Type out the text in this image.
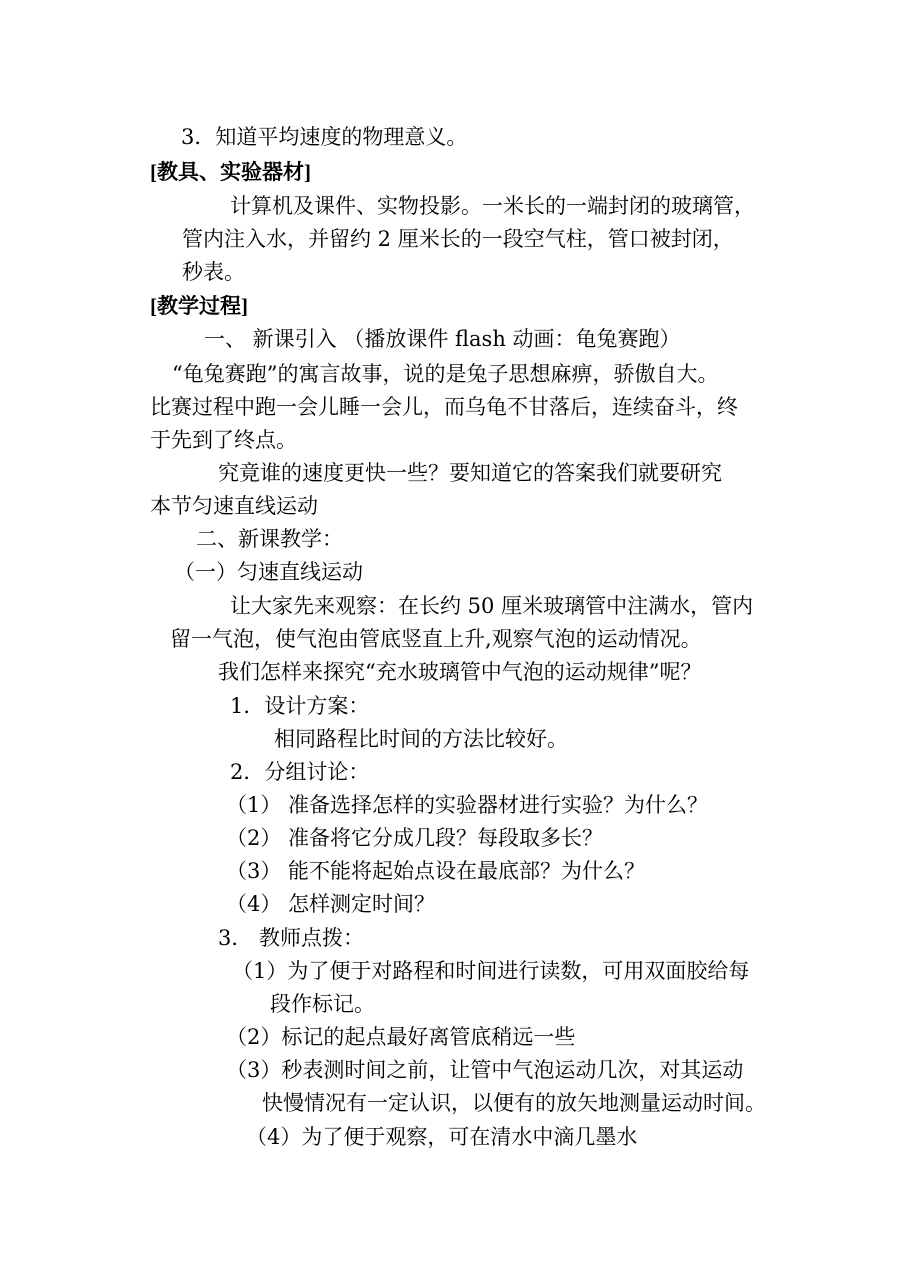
3．知道平均速度的物理意义。
[教具、实验器材]
计算机及课件、实物投影。一米长的一端封闭的玻璃管，
管内注入水，并留约 2 厘米长的一段空气柱，管口被封闭，
秒表。
[教学过程]
一、 新课引入 （播放课件 flash 动画：龟兔赛跑）
“龟兔赛跑”的寓言故事，说的是兔子思想麻痹，骄傲自大。
比赛过程中跑一会儿睡一会儿，而乌龟不甘落后，连续奋斗，终
于先到了终点。
究竟谁的速度更快一些？要知道它的答案我们就要研究
本节匀速直线运动
二、新课教学：
（一）匀速直线运动
让大家先来观察：在长约 50 厘米玻璃管中注满水，管内
留一气泡，使气泡由管底竖直上升,观察气泡的运动情况。
我们怎样来探究“充水玻璃管中气泡的运动规律”呢？
1．设计方案：
相同路程比时间的方法比较好。
2．分组讨论：
（1） 准备选择怎样的实验器材进行实验？为什么？
（2） 准备将它分成几段？每段取多长？
（3） 能不能将起始点设在最底部？为什么？
（4） 怎样测定时间？
3． 教师点拨：
（1）为了便于对路程和时间进行读数，可用双面胶给每
段作标记。
（2）标记的起点最好离管底稍远一些
（3）秒表测时间之前，让管中气泡运动几次，对其运动
快慢情况有一定认识，以便有的放矢地测量运动时间。
（4）为了便于观察，可在清水中滴几墨水
